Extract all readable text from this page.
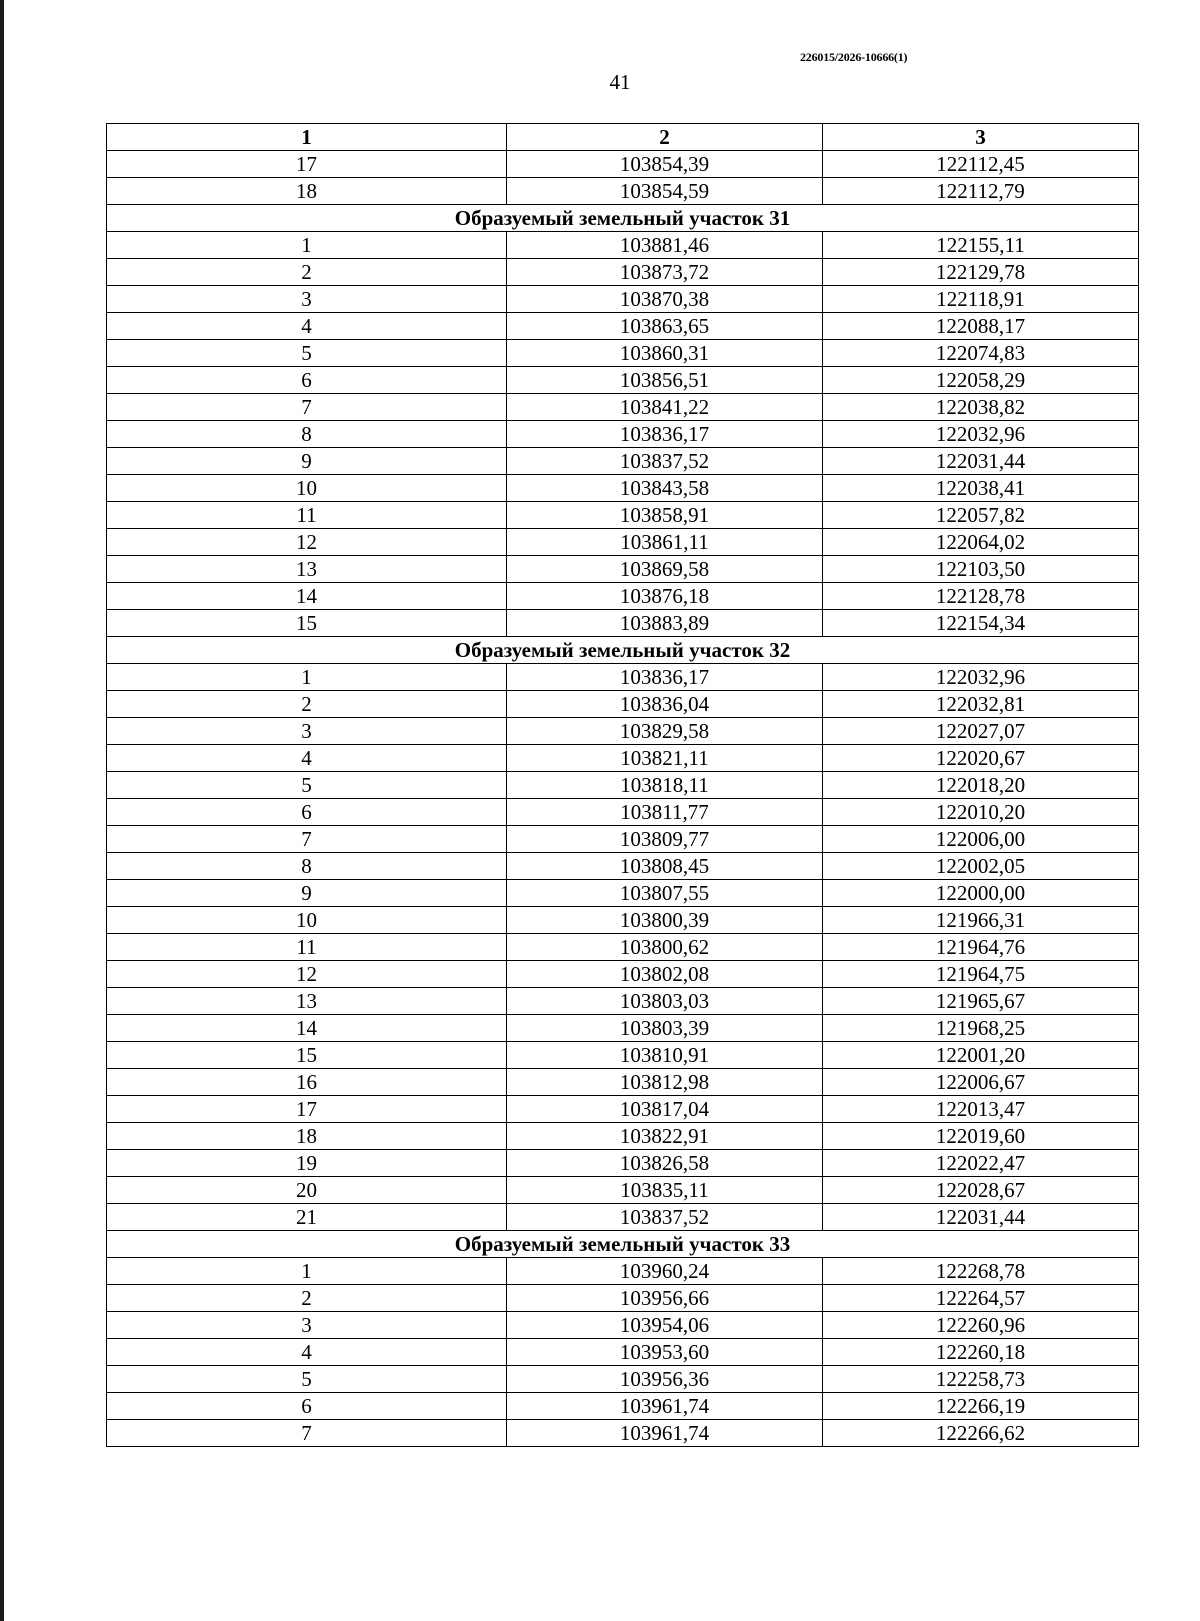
226015/2026-10666(1)
41
1	2	3
17	103854,39	122112,45
18	103854,59	122112,79
Образуемый земельный участок 31		
1	103881,46	122155,11
2	103873,72	122129,78
3	103870,38	122118,91
4	103863,65	122088,17
5	103860,31	122074,83
6	103856,51	122058,29
7	103841,22	122038,82
8	103836,17	122032,96
9	103837,52	122031,44
10	103843,58	122038,41
11	103858,91	122057,82
12	103861,11	122064,02
13	103869,58	122103,50
14	103876,18	122128,78
15	103883,89	122154,34
Образуемый земельный участок 32		
1	103836,17	122032,96
2	103836,04	122032,81
3	103829,58	122027,07
4	103821,11	122020,67
5	103818,11	122018,20
6	103811,77	122010,20
7	103809,77	122006,00
8	103808,45	122002,05
9	103807,55	122000,00
10	103800,39	121966,31
11	103800,62	121964,76
12	103802,08	121964,75
13	103803,03	121965,67
14	103803,39	121968,25
15	103810,91	122001,20
16	103812,98	122006,67
17	103817,04	122013,47
18	103822,91	122019,60
19	103826,58	122022,47
20	103835,11	122028,67
21	103837,52	122031,44
Образуемый земельный участок 33		
1	103960,24	122268,78
2	103956,66	122264,57
3	103954,06	122260,96
4	103953,60	122260,18
5	103956,36	122258,73
6	103961,74	122266,19
7	103961,74	122266,62
